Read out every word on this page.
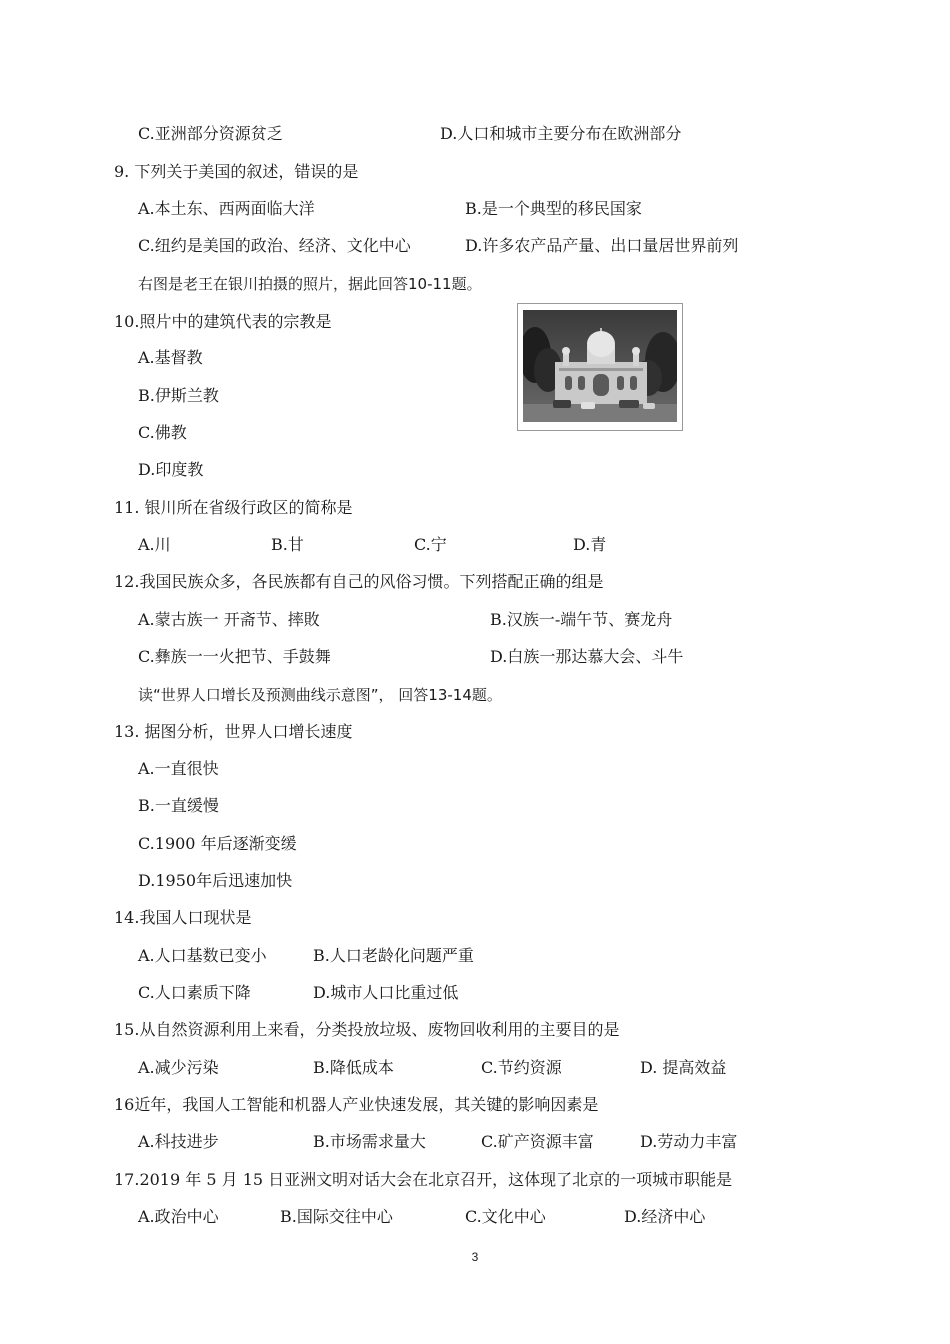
C.亚洲部分资源贫乏	D.人口和城市主要分布在欧洲部分
9. 下列关于美国的叙述，错误的是
A.本土东、西两面临大洋	B.是一个典型的移民国家
C.纽约是美国的政治、经济、文化中心	D.许多农产品产量、出口量居世界前列
右图是老王在银川拍摄的照片，据此回答10-11题。
10.照片中的建筑代表的宗教是
A.基督教
B.伊斯兰教
C.佛教
D.印度教
11. 银川所在省级行政区的简称是
A.川	B.甘	C.宁	D.青
12.我国民族众多，各民族都有自己的风俗习惯。下列搭配正确的组是
A.蒙古族一 开斋节、摔敗	B.汉族一-端午节、赛龙舟
C.彝族一一火把节、手鼓舞	D.白族一那达慕大会、斗牛
读“世界人口增长及预测曲线示意图”， 回答13-14题。
13. 据图分析，世界人口增长速度
A.一直很快
B.一直缓慢
C.1900 年后逐渐变缓
D.1950年后迅速加快
14.我国人口现状是
A.人口基数已变小	B.人口老龄化问题严重
C.人口素质下降	D.城市人口比重过低
15.从自然资源利用上来看，分类投放垃圾、废物回收利用的主要目的是
A.减少污染	B.降低成本	C.节约资源	D. 提高效益
16近年，我国人工智能和机器人产业快速发展，其关键的影响因素是
A.科技进步	B.市场需求量大	C.矿产资源丰富	D.劳动力丰富
17.2019 年 5 月 15 日亚洲文明对话大会在北京召开，这体现了北京的一项城市职能是
A.政治中心	B.国际交往中心	C.文化中心	D.经济中心
3
